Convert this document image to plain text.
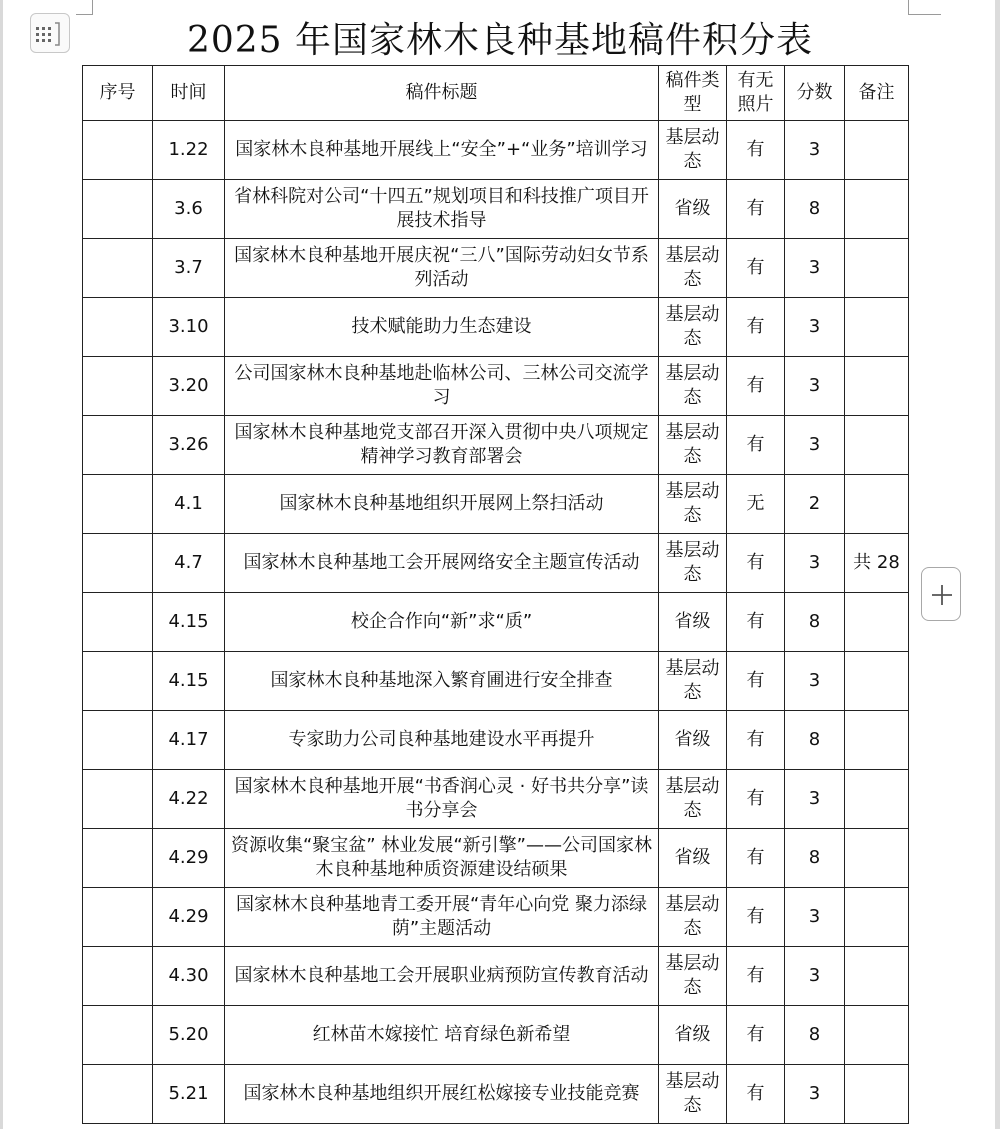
2025 年国家林木良种基地稿件积分表
序号	时间	稿件标题	稿件类型	有无照片	分数	备注
	1.22	国家林木良种基地开展线上“安全”+“业务”培训学习	基层动态	有	3	
	3.6	省林科院对公司“十四五”规划项目和科技推广项目开展技术指导	省级	有	8	
	3.7	国家林木良种基地开展庆祝“三八”国际劳动妇女节系列活动	基层动态	有	3	
	3.10	技术赋能助力生态建设	基层动态	有	3	
	3.20	公司国家林木良种基地赴临林公司、三林公司交流学习	基层动态	有	3	
	3.26	国家林木良种基地党支部召开深入贯彻中央八项规定精神学习教育部署会	基层动态	有	3	
	4.1	国家林木良种基地组织开展网上祭扫活动	基层动态	无	2	
	4.7	国家林木良种基地工会开展网络安全主题宣传活动	基层动态	有	3	共 28
	4.15	校企合作向“新”求“质”	省级	有	8	
	4.15	国家林木良种基地深入繁育圃进行安全排查	基层动态	有	3	
	4.17	专家助力公司良种基地建设水平再提升	省级	有	8	
	4.22	国家林木良种基地开展“书香润心灵 · 好书共分享”读书分享会	基层动态	有	3	
	4.29	资源收集“聚宝盆” 林业发展“新引擎”——公司国家林木良种基地种质资源建设结硕果	省级	有	8	
	4.29	国家林木良种基地青工委开展“青年心向党 聚力添绿荫”主题活动	基层动态	有	3	
	4.30	国家林木良种基地工会开展职业病预防宣传教育活动	基层动态	有	3	
	5.20	红林苗木嫁接忙 培育绿色新希望	省级	有	8	
	5.21	国家林木良种基地组织开展红松嫁接专业技能竞赛	基层动态	有	3	
